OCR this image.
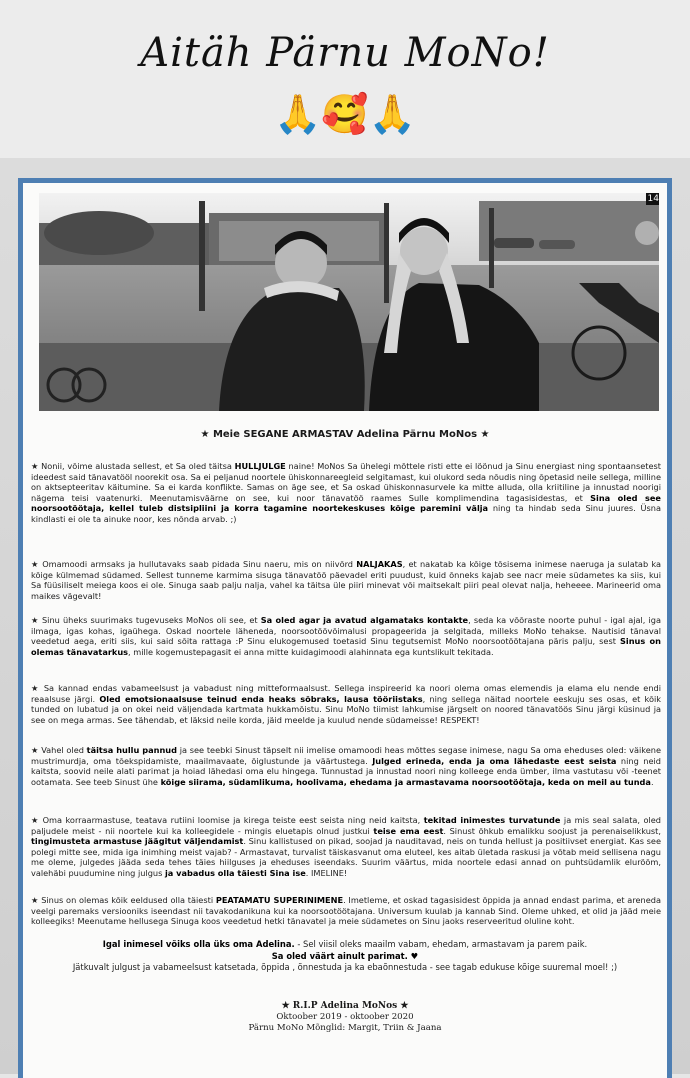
Aitäh Pärnu MoNo!
🙏🥰🙏
14
★ Meie SEGANE ARMASTAV Adelina Pärnu MoNos ★

★ Nonii, võime alustada sellest, et Sa oled täitsa HULLJULGE naine! MoNos Sa ühelegi mõttele risti ette ei löönud ja Sinu energiast ning spontaansetest ideedest said tänavatööl noorekit osa. Sa ei peljanud noortele ühiskonnareegleid selgitamast, kui olukord seda nõudis ning õpetasid neile sellega, milline on aktsepteeritav käitumine. Sa ei karda konflikte. Samas on äge see, et Sa oskad ühiskonnasurvele ka mitte alluda, olla kriitiline ja innustad noorigi nägema teisi vaatenurki. Meenutamisväärne on see, kui noor tänavatöö raames Sulle komplimendina tagasisidestas, et Sina oled see noorsootöötaja, kellel tuleb distsipliini ja korra tagamine noortekeskuses kõige paremini välja ning ta hindab seda Sinu juures. Üsna kindlasti ei ole ta ainuke noor, kes nõnda arvab. ;)

★ Omamoodi armsaks ja hullutavaks saab pidada Sinu naeru, mis on niivõrd NALJAKAS, et nakatab ka kõige tõsisema inimese naeruga ja sulatab ka kõige külmemad südamed. Sellest tunneme karmima sisuga tänavatöö päevadel eriti puudust, kuid õnneks kajab see nacr meie südametes ka siis, kui Sa füüsiliselt meiega koos ei ole. Sinuga saab palju nalja, vahel ka täitsa üle piiri minevat või maitsekalt piiri peal olevat nalja, heheeee. Marineerid oma maikes vägevalt!

★ Sinu üheks suurimaks tugevuseks MoNos oli see, et Sa oled agar ja avatud algamataks kontakte, seda ka võõraste noorte puhul - igal ajal, iga ilmaga, igas kohas, igaühega. Oskad noortele läheneda, noorsootöövõimalusi propageerida ja selgitada, milleks MoNo tehakse. Nautisid tänaval veedetud aega, eriti siis, kui said sõita rattaga :P Sinu elukogemused toetasid Sinu tegutsemist MoNo noorsootöötajana päris palju, sest Sinus on olemas tänavatarkus, mille kogemustepagasit ei anna mitte kuidagimoodi alahinnata ega kuntslikult tekitada.

★ Sa kannad endas vabameelsust ja vabadust ning mitteformaalsust. Sellega inspireerid ka noori olema omas elemendis ja elama elu nende endi reaalsuse järgi. Oled emotsionaalsuse teinud enda heaks sõbraks, lausa tööriistaks, ning sellega näitad noortele eeskuju ses osas, et kõik tunded on lubatud ja on okei neid väljendada kartmata hukkamõistu. Sinu MoNo tiimist lahkumise järgselt on noored tänavatöös Sinu järgi küsinud ja see on mega armas. See tähendab, et läksid neile korda, jäid meelde ja kuulud nende südameisse! RESPEKT!

★ Vahel oled täitsa hullu pannud ja see teebki Sinust täpselt nii imelise omamoodi heas mõttes segase inimese, nagu Sa oma eheduses oled: väikene mustrimurdja, oma tõekspidamiste, maailmavaate, õiglustunde ja väärtustega. Julged erineda, enda ja oma lähedaste eest seista ning neid kaitsta, soovid neile alati parimat ja hoiad lähedasi oma elu hingega. Tunnustad ja innustad noori ning kolleege enda ümber, ilma vastutasu või -teenet ootamata. See teeb Sinust ühe kõige siirama, südamlikuma, hoolivama, ehedama ja armastavama noorsootöötaja, keda on meil au tunda.

★ Oma korraarmastuse, teatava rutiini loomise ja kirega teiste eest seista ning neid kaitsta, tekitad inimestes turvatunde ja mis seal salata, oled paljudele meist - nii noortele kui ka kolleegidele - mingis eluetapis olnud justkui teise ema eest. Sinust õhkub emalikku soojust ja perenaiselikkust, tingimusteta armastuse jäägitut väljendamist. Sinu kallistused on pikad, soojad ja nauditavad, neis on tunda hellust ja positiivset energiat. Kas see polegi mitte see, mida iga inimhing meist vajab? - Armastavat, turvalist täiskasvanut oma eluteel, kes aitab ületada raskusi ja võtab meid sellisena nagu me oleme, julgedes jääda seda tehes täies hiilguses ja eheduses iseendaks. Suurim väärtus, mida noortele edasi annad on puhtsüdamlik eluröõm, valehäbi puudumine ning julgus ja vabadus olla täiesti Sina ise. IMELINE!

★ Sinus on olemas kõik eeldused olla täiesti PEATAMATU SUPERINIMENE. Imetleme, et oskad tagasisidest õppida ja annad endast parima, et areneda veelgi paremaks versiooniks iseendast nii tavakodanikuna kui ka noorsootöötajana. Universum kuulab ja kannab Sind. Oleme uhked, et olid ja jääd meie kolleegiks! Meenutame hellusega Sinuga koos veedetud hetki tänavatel ja meie südametes on Sinu jaoks reserveeritud oluline koht.

Igal inimesel võiks olla üks oma Adelina. - Sel viisil oleks maailm vabam, ehedam, armastavam ja parem paik.
Sa oled väärt ainult parimat. ♥
Jätkuvalt julgust ja vabameelsust katsetada, õppida , õnnestuda ja ka ebaõnnestuda - see tagab edukuse kõige suuremal moel! ;)
★ R.I.P Adelina MoNos ★
Oktoober 2019 - oktoober 2020
Pärnu MoNo Mõnglid: Margit, Triin & Jaana
